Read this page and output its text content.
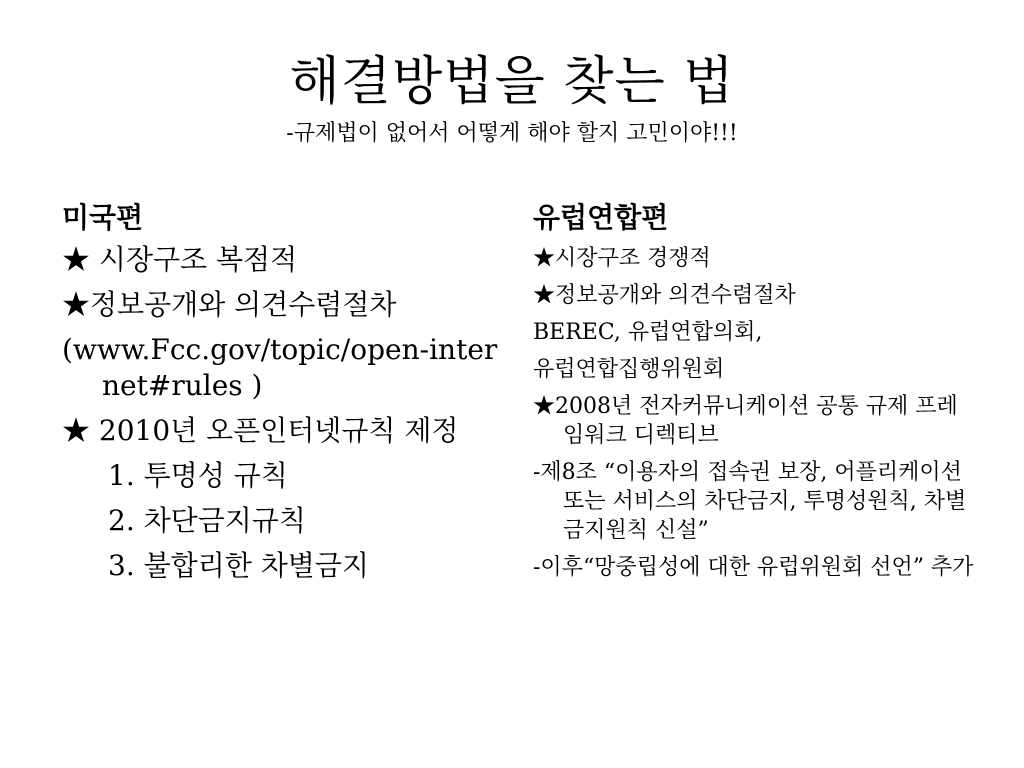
해결방법을 찾는 법
-규제법이 없어서 어떻게 해야 할지 고민이야!!!
미국편
★ 시장구조 복점적
★정보공개와 의견수렴절차
(www.Fcc.gov/topic/open-internet#rules )
★ 2010년 오픈인터넷규칙 제정
1. 투명성 규칙
2. 차단금지규칙
3. 불합리한 차별금지
유럽연합편
★시장구조 경쟁적
★정보공개와 의견수렴절차
BEREC, 유럽연합의회,
유럽연합집행위원회
★2008년 전자커뮤니케이션 공통 규제 프레임워크 디렉티브
-제8조 “이용자의 접속권 보장, 어플리케이션 또는 서비스의 차단금지, 투명성원칙, 차별금지원칙 신설”
-이후“망중립성에 대한 유럽위원회 선언” 추가
